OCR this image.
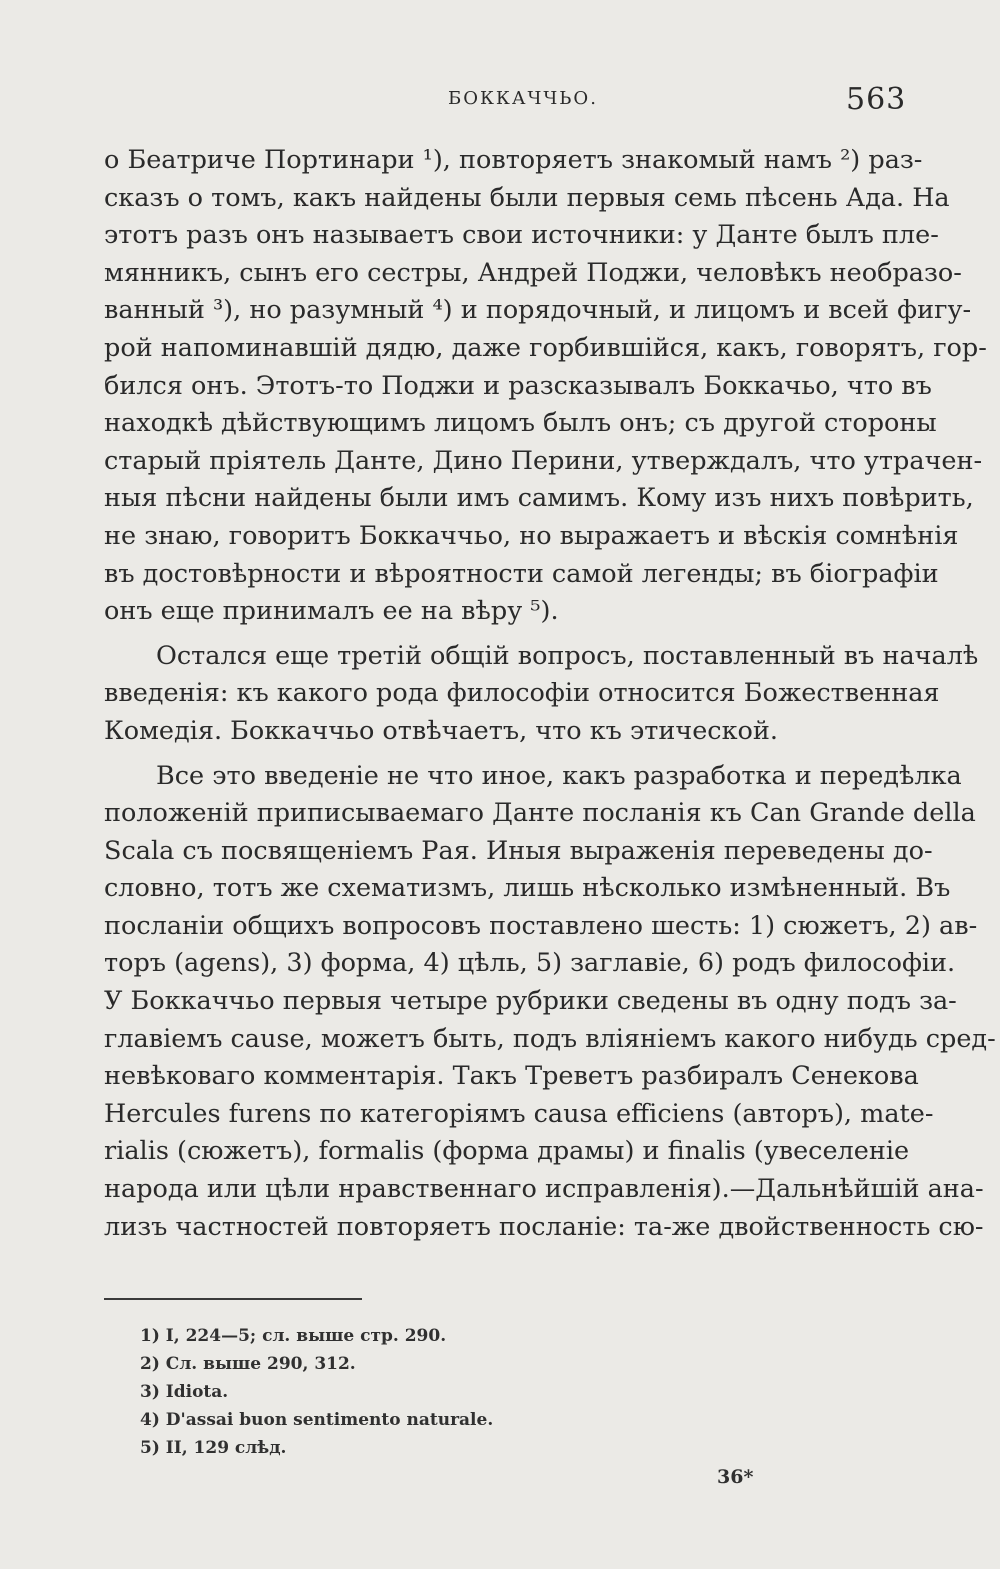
БОККАЧЧЬО.	563
о Беатриче Портинари ¹), повторяетъ знакомый намъ ²) раз-
сказъ о томъ, какъ найдены были первыя семь пѣсень Ада. На
этотъ разъ онъ называетъ свои источники: у Данте былъ пле-
мянникъ, сынъ его сестры, Андрей Поджи, человѣкъ необразо-
ванный ³), но разумный ⁴) и порядочный, и лицомъ и всей фигу-
рой напоминавшій дядю, даже горбившійся, какъ, говорятъ, гор-
бился онъ. Этотъ-то Поджи и разсказывалъ Боккачьо, что въ
находкѣ дѣйствующимъ лицомъ былъ онъ; съ другой стороны
старый пріятель Данте, Дино Перини, утверждалъ, что утрачен-
ныя пѣсни найдены были имъ самимъ. Кому изъ нихъ повѣрить,
не знаю, говоритъ Боккаччьо, но выражаетъ и вѣскія сомнѣнія
въ достовѣрности и вѣроятности самой легенды; въ біографіи
онъ еще принималъ ее на вѣру ⁵).
Остался еще третій общій вопросъ, поставленный въ началѣ
введенія: къ какого рода философіи относится Божественная
Комедія. Боккаччьо отвѣчаетъ, что къ этической.
Все это введеніе не что иное, какъ разработка и передѣлка
положеній приписываемаго Данте посланія къ Can Grande della
Scala съ посвященіемъ Рая. Иныя выраженія переведены до-
словно, тотъ же схематизмъ, лишь нѣсколько измѣненный. Въ
посланіи общихъ вопросовъ поставлено шесть: 1) сюжетъ, 2) ав-
торъ (agens), 3) форма, 4) цѣль, 5) заглавіе, 6) родъ философіи.
У Боккаччьо первыя четыре рубрики сведены въ одну подъ за-
главіемъ cause, можетъ быть, подъ вліяніемъ какого нибудь сред-
невѣковаго комментарія. Такъ Треветъ разбиралъ Сенекова
Hercules furens по категоріямъ causa efficiens (авторъ), mate-
rialis (сюжетъ), formalis (форма драмы) и finalis (увеселеніе
народа или цѣли нравственнаго исправленія).—Дальнѣйшій ана-
лизъ частностей повторяетъ посланіе: та-же двойственность сю-
1) I, 224—5; сл. выше стр. 290.
2) Сл. выше 290, 312.
3) Idiota.
4) D'assai buon sentimento naturale.
5) II, 129 слѣд.
36*
